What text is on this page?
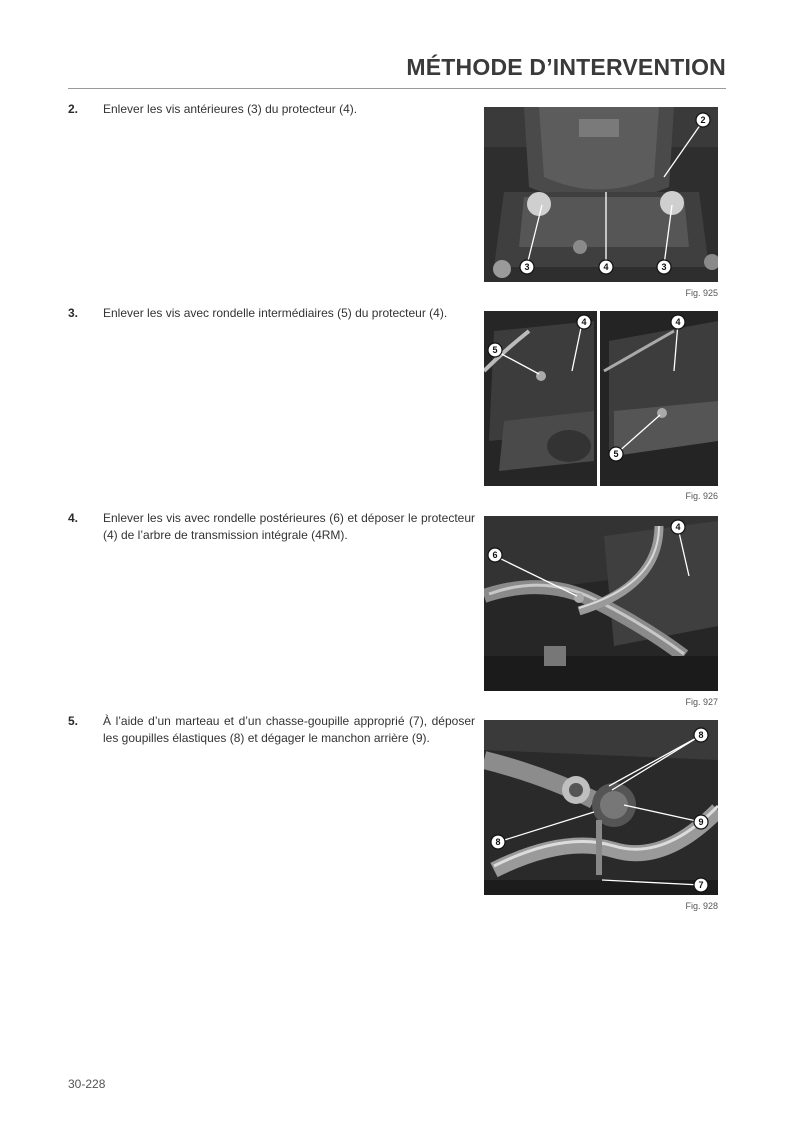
MÉTHODE D’INTERVENTION
2. Enlever les vis antérieures (3) du protecteur (4).
2
3	4	3
Fig. 925
3. Enlever les vis avec rondelle intermédiaires (5) du protecteur (4).
4
5
4
5
Fig. 926
4. Enlever les vis avec rondelle postérieures (6) et déposer le protecteur (4) de l’arbre de transmission intégrale (4RM).
4
6
Fig. 927
5. À l’aide d’un marteau et d’un chasse-goupille approprié (7), déposer les goupilles élastiques (8) et dégager le manchon arrière (9).	8
9
8
7
Fig. 928
30-228
